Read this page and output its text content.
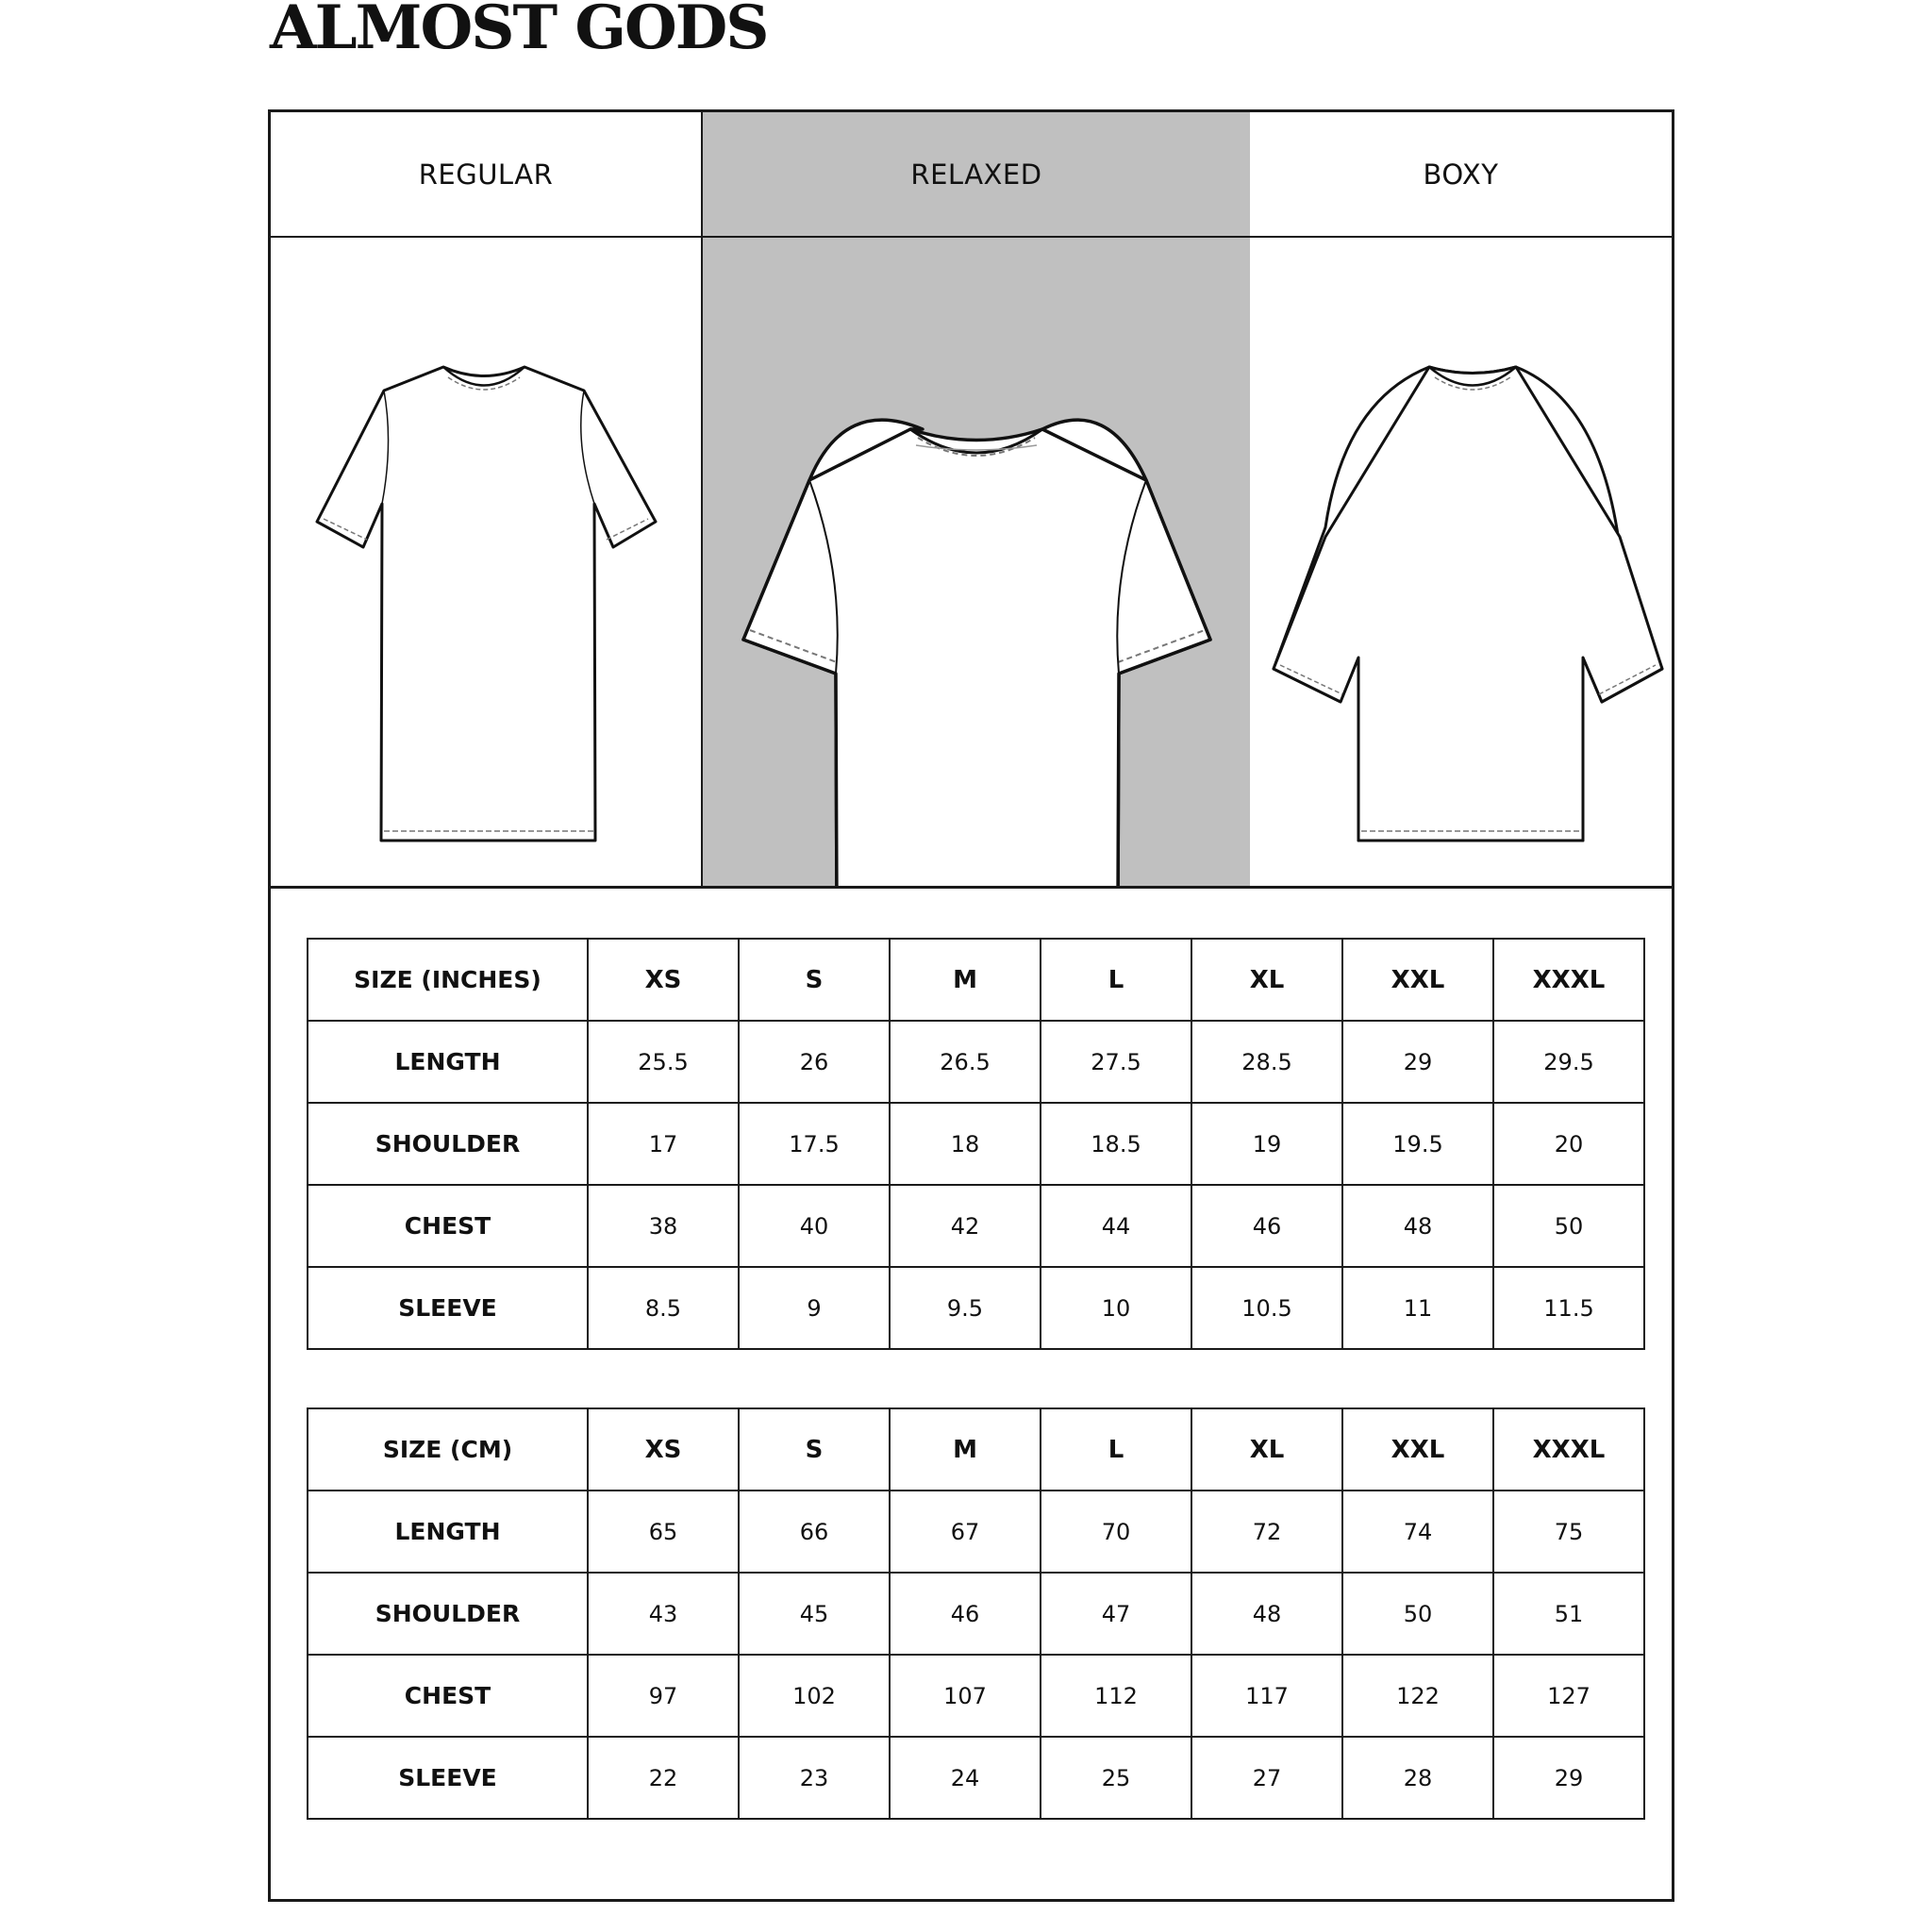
ALMOST GODS
REGULAR	RELAXED	BOXY
SIZE (INCHES)	XS	S	M	L	XL	XXL	XXXL
LENGTH	25.5	26	26.5	27.5	28.5	29	29.5
SHOULDER	17	17.5	18	18.5	19	19.5	20
CHEST	38	40	42	44	46	48	50
SLEEVE	8.5	9	9.5	10	10.5	11	11.5
SIZE (CM)	XS	S	M	L	XL	XXL	XXXL
LENGTH	65	66	67	70	72	74	75
SHOULDER	43	45	46	47	48	50	51
CHEST	97	102	107	112	117	122	127
SLEEVE	22	23	24	25	27	28	29
